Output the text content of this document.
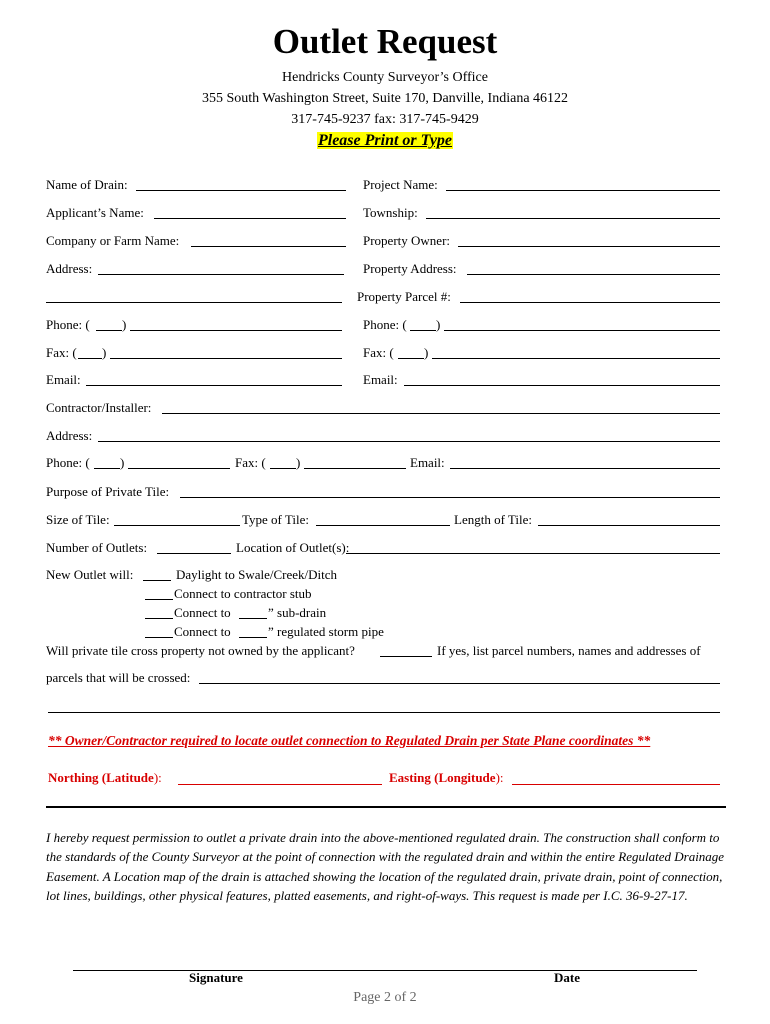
Outlet Request
Hendricks County Surveyor’s Office
355 South Washington Street, Suite 170, Danville, Indiana 46122
317-745-9237 fax: 317-745-9429
Please Print or Type
Name of Drain:	Project Name:
Applicant’s Name:	Township:
Company or Farm Name:	Property Owner:
Address:	Property Address:
Property Parcel #:
Phone: ( )	Phone: ( )
Fax: ( )	Fax: ( )
Email:	Email:
Contractor/Installer:
Address:
Phone: ( )	Fax: ( )	Email:
Purpose of Private Tile:
Size of Tile:	Type of Tile:	Length of Tile:
Number of Outlets:	Location of Outlet(s):
New Outlet will:	Daylight to Swale/Creek/Ditch
Connect to contractor stub
Connect to	” sub-drain
Connect to	” regulated storm pipe
Will private tile cross property not owned by the applicant?	If yes, list parcel numbers, names and addresses of
parcels that will be crossed:
** Owner/Contractor required to locate outlet connection to Regulated Drain per State Plane coordinates **
Northing (Latitude):	Easting (Longitude):
I hereby request permission to outlet a private drain into the above-mentioned regulated drain. The construction shall conform to the standards of the County Surveyor at the point of connection with the regulated drain and within the entire Regulated Drainage Easement. A Location map of the drain is attached showing the location of the regulated drain, private drain, point of connection, lot lines, buildings, other physical features, platted easements, and right-of-ways. This request is made per I.C. 36-9-27-17.
Signature	Date
Page 2 of 2
